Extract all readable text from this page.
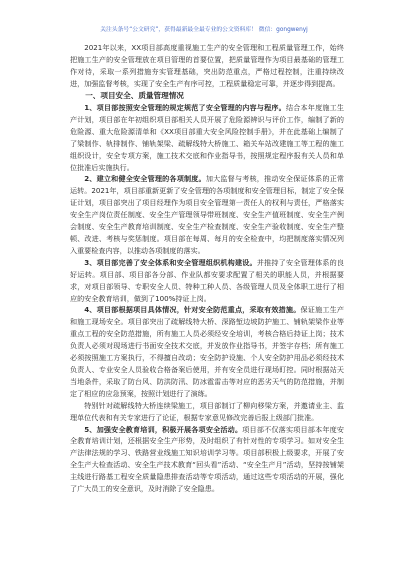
关注头条号“公文研究”，获得最新最全最专业的公文资料库！ 微信：gongwenyj

2021年以来，XX项目部高度重视施工生产的安全管理和工程质量管理工作，始终把施工生产的安全管理放在项目管理的首要位置，把质量管理作为项目最基础的管理工作对待，采取一系列措施夯实管理基础，突出防范重点，严格过程控制，注重持续改进，加强监督考核，实现了安全生产有序可控，工程质量稳定可靠，并逐步得到提高。

一、项目安全、质量管理情况

1、项目部按照安全管理的规定规范了安全管理的内容与程序。结合本年度施工生产计划，项目部在年初组织项目部相关人员开展了危险源辨识与评价工作，编制了新的危险源、重大危险源清单和《XX项目部重大安全风险控制手册》，并在此基础上编制了了梁制作、轨排制作、铺轨架梁、疏解线特大桥施工、箱关车站改建施工等工程的施工组织设计，安全专项方案，施工技术交底和作业指导书，按照规定程序报有关人员和单位批准后实施执行。

2、建立和健全安全管理的各项制度。加大监督与考核，推动安全保证体系的正常运转。2021年，项目部重新更新了安全管理的各项制度和安全管理目标，制定了安全保证计划，项目部突出了项目经理作为项目安全管理第一责任人的权利与责任，严格落实安全生产岗位责任制度、安全生产管理领导带班制度、安全生产值班制度、安全生产例会制度、安全生产教育培训制度、安全生产检查制度、安全生产验收制度、安全生产整顿、改进、考核与奖惩制度。项目部在每周、每月的安全检查中，均把制度落实情况列入重要检查内容，以推动各项制度的落实。

3、项目部完善了安全体系和安全管理组织机构建设。并推持了安全管理体系的良好运转。项目部、项目部各分部、作业队都安要求配置了相关的职能人员，并根据要求，对项目部领导、专职安全人员、特种工种人员、各级管理人员及全体职工进行了相应的安全教育培训，做到了100%持证上岗。

4、项目部根据项目具体情况，针对安全防范重点，采取有效措施。保证施工生产和施工现场安全。项目部突出了疏解线特大桥、深路堑边坡防护施工、铺轨架梁作业等重点工程的安全防范措施，所有施工人员必须经安全培训，考核合格后持证上岗；技术负责人必须对现场进行书面安全技术交底，并发放作业指导书，并签字存档；所有施工必须按照施工方案执行，不得擅自改动；安全防护设施、个人安全防护用品必须经技术负责人、专业安全人员验收合格备案后使用，并有安全员进行现场盯控。同时根据站天当地条件，采取了防台风、防洪防汛、防冰雹雷击等对应的恶劣天气的防范措施，并制定了相应的应急预案，按照计划进行了演练。

特别针对疏解线特大桥连续梁施工，项目部制订了柳向移梁方案，并邀请业主、监理单位代表和有关专家进行了论证，根据专家意见修改完善后报上级部门批准。

5、加强安全教育培训，积极开展各项安全活动。项目部不仅落实项目部本年度安全教育培训计划，还根据安全生产形势，及时组织了有针对性的专项学习。如对安全生产法律法规的学习、铁路营业线施工知识培训学习等。项目部积极上级要求，开展了安全生产大检查活动、安全生产技术教育“回头看”活动、“安全生产月”活动，坚持按铺架主线进行路基工程安全质量隐患排查活动等专项活动，通过这些专项活动的开展，强化了广大员工的安全意识，及时消除了安全隐患。
